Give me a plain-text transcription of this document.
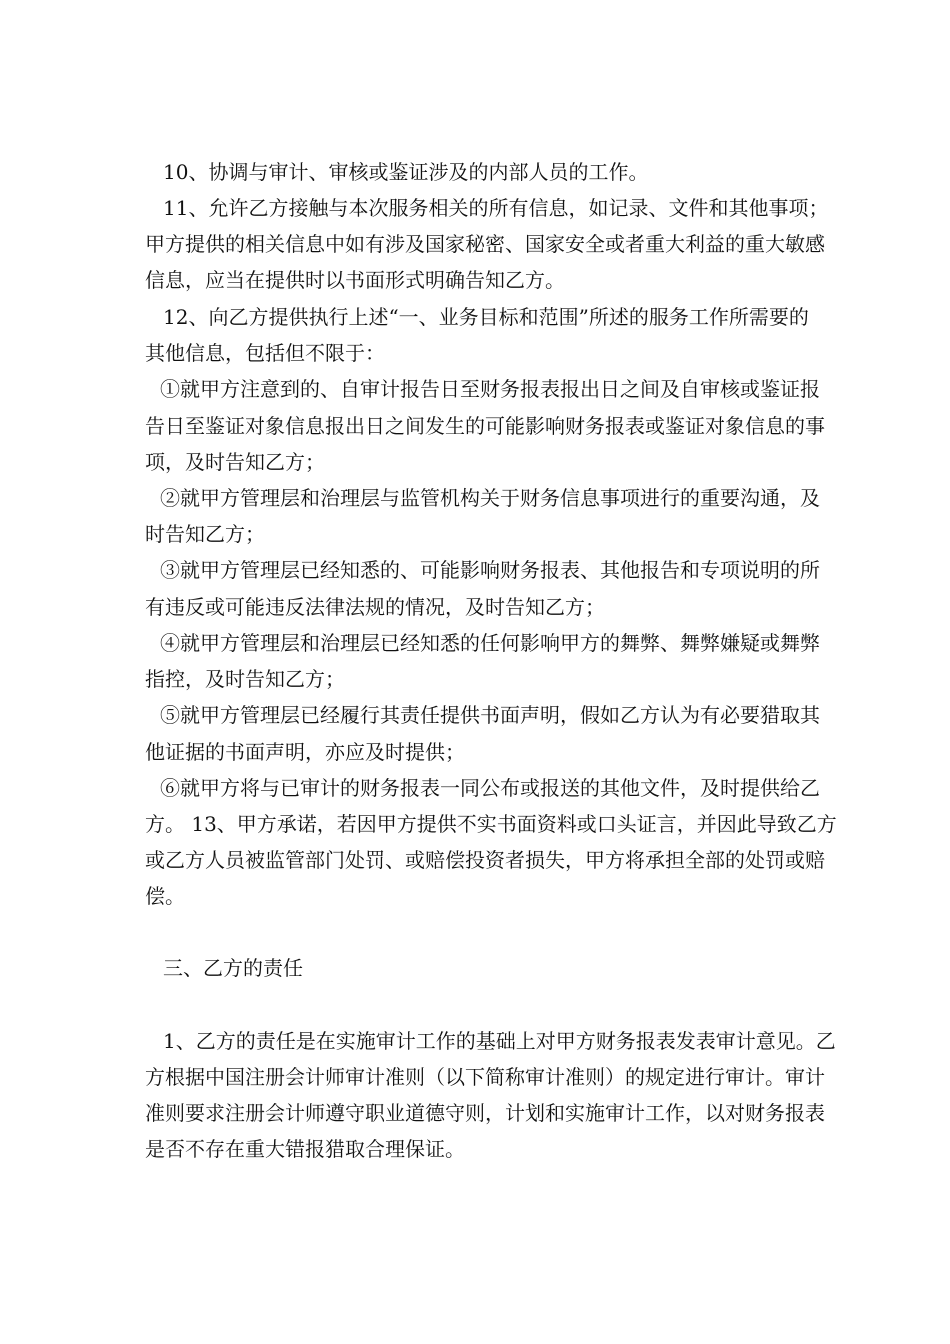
10、协调与审计、审核或鉴证涉及的内部人员的工作。

11、允许乙方接触与本次服务相关的所有信息，如记录、文件和其他事项；

甲方提供的相关信息中如有涉及国家秘密、国家安全或者重大利益的重大敏感

信息，应当在提供时以书面形式明确告知乙方。

12、向乙方提供执行上述“一、业务目标和范围”所述的服务工作所需要的

其他信息，包括但不限于：

①就甲方注意到的、自审计报告日至财务报表报出日之间及自审核或鉴证报

告日至鉴证对象信息报出日之间发生的可能影响财务报表或鉴证对象信息的事

项，及时告知乙方；

②就甲方管理层和治理层与监管机构关于财务信息事项进行的重要沟通，及

时告知乙方；

③就甲方管理层已经知悉的、可能影响财务报表、其他报告和专项说明的所

有违反或可能违反法律法规的情况，及时告知乙方；

④就甲方管理层和治理层已经知悉的任何影响甲方的舞弊、舞弊嫌疑或舞弊

指控，及时告知乙方；

⑤就甲方管理层已经履行其责任提供书面声明，假如乙方认为有必要猎取其

他证据的书面声明，亦应及时提供；

⑥就甲方将与已审计的财务报表一同公布或报送的其他文件，及时提供给乙

方。 13、甲方承诺，若因甲方提供不实书面资料或口头证言，并因此导致乙方

或乙方人员被监管部门处罚、或赔偿投资者损失，甲方将承担全部的处罚或赔

偿。

三、乙方的责任

1、乙方的责任是在实施审计工作的基础上对甲方财务报表发表审计意见。乙

方根据中国注册会计师审计准则（以下简称审计准则）的规定进行审计。审计

准则要求注册会计师遵守职业道德守则，计划和实施审计工作，以对财务报表

是否不存在重大错报猎取合理保证。
